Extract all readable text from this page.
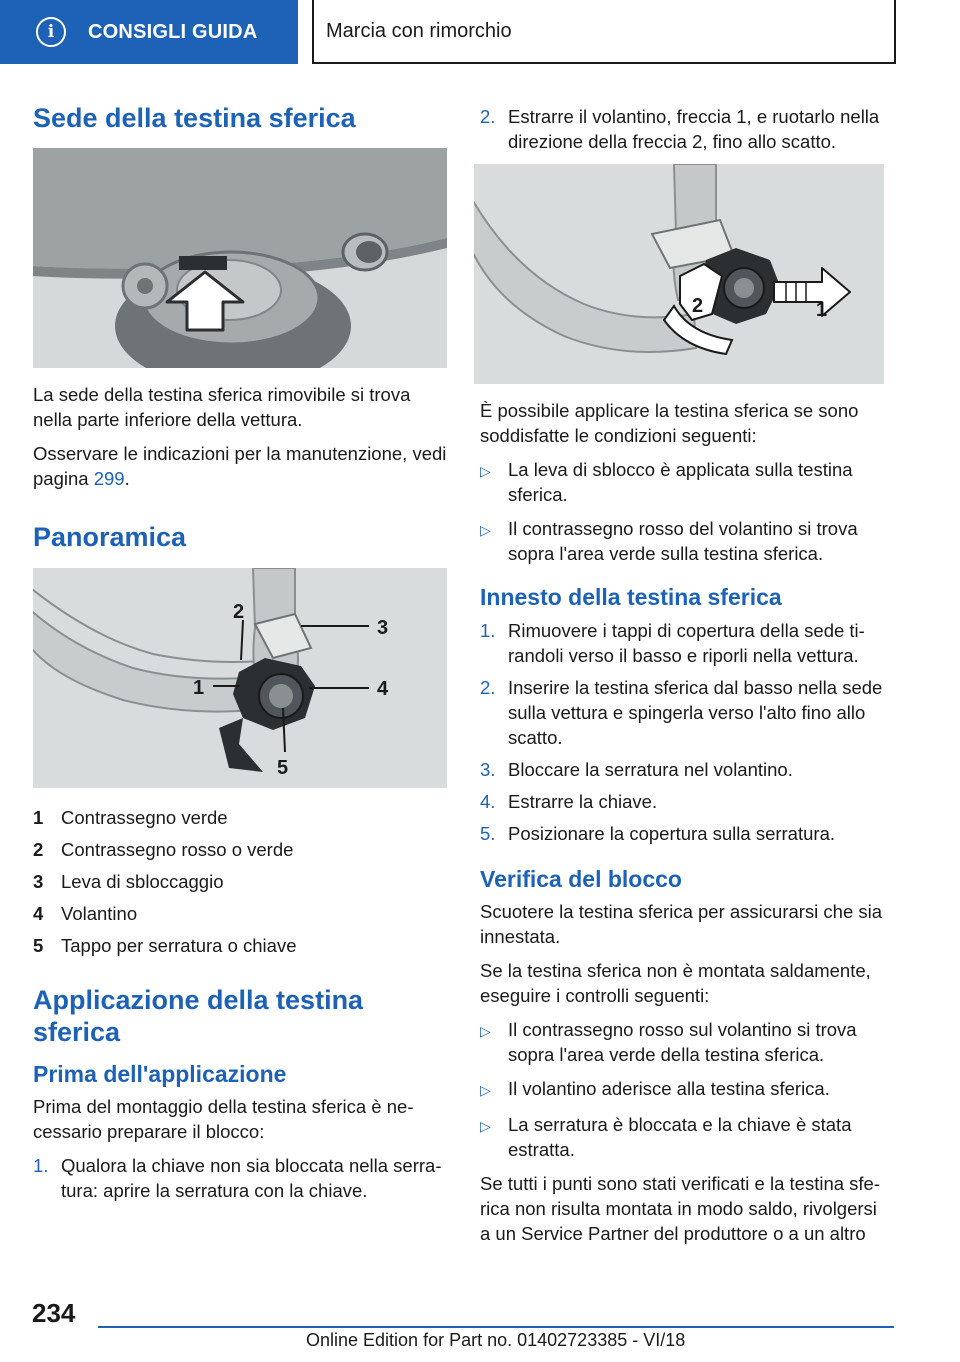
i	CONSIGLI GUIDA	Marcia con rimorchio
Sede della testina sferica

La sede della testina sferica rimovibile si trova nella parte inferiore della vettura.

Osservare le indicazioni per la manutenzione, vedi pagina 299.

Panoramica
2
3
4
1
5
1 Contrassegno verde
2 Contrassegno rosso o verde
3 Leva di sbloccaggio
4 Volantino
5 Tappo per serratura o chiave
Applicazione della testina sferica
Prima dell'applicazione

Prima del montaggio della testina sferica è necessario preparare il blocco:

1. Qualora la chiave non sia bloccata nella serratura: aprire la serratura con la chiave.
2. Estrarre il volantino, freccia 1, e ruotarlo nella direzione della freccia 2, fino allo scatto.
2	1

È possibile applicare la testina sferica se sono soddisfatte le condizioni seguenti:

▷ La leva di sblocco è applicata sulla testina sferica.
▷ Il contrassegno rosso del volantino si trova sopra l'area verde sulla testina sferica.
Innesto della testina sferica
1. Rimuovere i tappi di copertura della sede tirandoli verso il basso e riporli nella vettura.
2. Inserire la testina sferica dal basso nella sede sulla vettura e spingerla verso l'alto fino allo scatto.
3. Bloccare la serratura nel volantino.
4. Estrarre la chiave.
5. Posizionare la copertura sulla serratura.
Verifica del blocco

Scuotere la testina sferica per assicurarsi che sia innestata.

Se la testina sferica non è montata saldamente, eseguire i controlli seguenti:

▷ Il contrassegno rosso sul volantino si trova sopra l'area verde della testina sferica.
▷ Il volantino aderisce alla testina sferica.
▷ La serratura è bloccata e la chiave è stata estratta.

Se tutti i punti sono stati verificati e la testina sferica non risulta montata in modo saldo, rivolgersi a un Service Partner del produttore o a un altro

234
Online Edition for Part no. 01402723385 - VI/18
